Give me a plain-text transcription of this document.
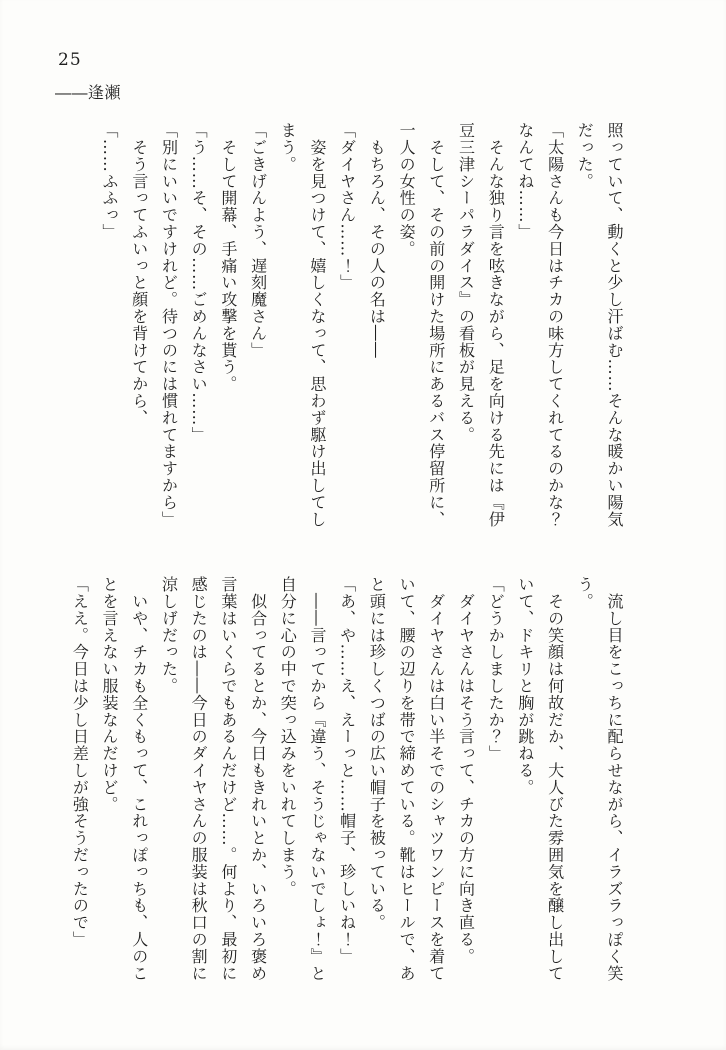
25
――逢瀬

照っていて、動くと少し汗ばむ……そんな暖かい陽気

だった。

「太陽さんも今日はチカの味方してくれてるのかな？

なんてね……」

　そんな独り言を呟きながら、足を向ける先には『伊

豆三津シーパラダイス』の看板が見える。

　そして、その前の開けた場所にあるバス停留所に、

一人の女性の姿。

　もちろん、その人の名は――

「ダイヤさん……！」

　姿を見つけて、嬉しくなって、思わず駆け出してし

まう。

「ごきげんよう、遅刻魔さん」

　そして開幕、手痛い攻撃を貰う。

「う……そ、その……ごめんなさい……」

「別にいいですけれど。待つのには慣れてますから」

　そう言ってふいっと顔を背けてから、

「……ふふっ」

　流し目をこっちに配らせながら、イラズラっぽく笑

う。

　その笑顔は何故だか、大人びた雰囲気を醸し出して

いて、ドキリと胸が跳ねる。

「どうかしましたか？」

　ダイヤさんはそう言って、チカの方に向き直る。

　ダイヤさんは白い半そでのシャツワンピースを着て

いて、腰の辺りを帯で締めている。靴はヒールで、あ

と頭には珍しくつばの広い帽子を被っている。

「あ、や……え、えーっと……帽子、珍しいね！」

　――言ってから『違う、そうじゃないでしょ！』と

自分に心の中で突っ込みをいれてしまう。

　似合ってるとか、今日もきれいとか、いろいろ褒め

言葉はいくらでもあるんだけど……。何より、最初に

感じたのは――今日のダイヤさんの服装は秋口の割に

涼しげだった。

　いや、チカも全くもって、これっぽっちも、人のこ

とを言えない服装なんだけど。

「ええ。今日は少し日差しが強そうだったので」
